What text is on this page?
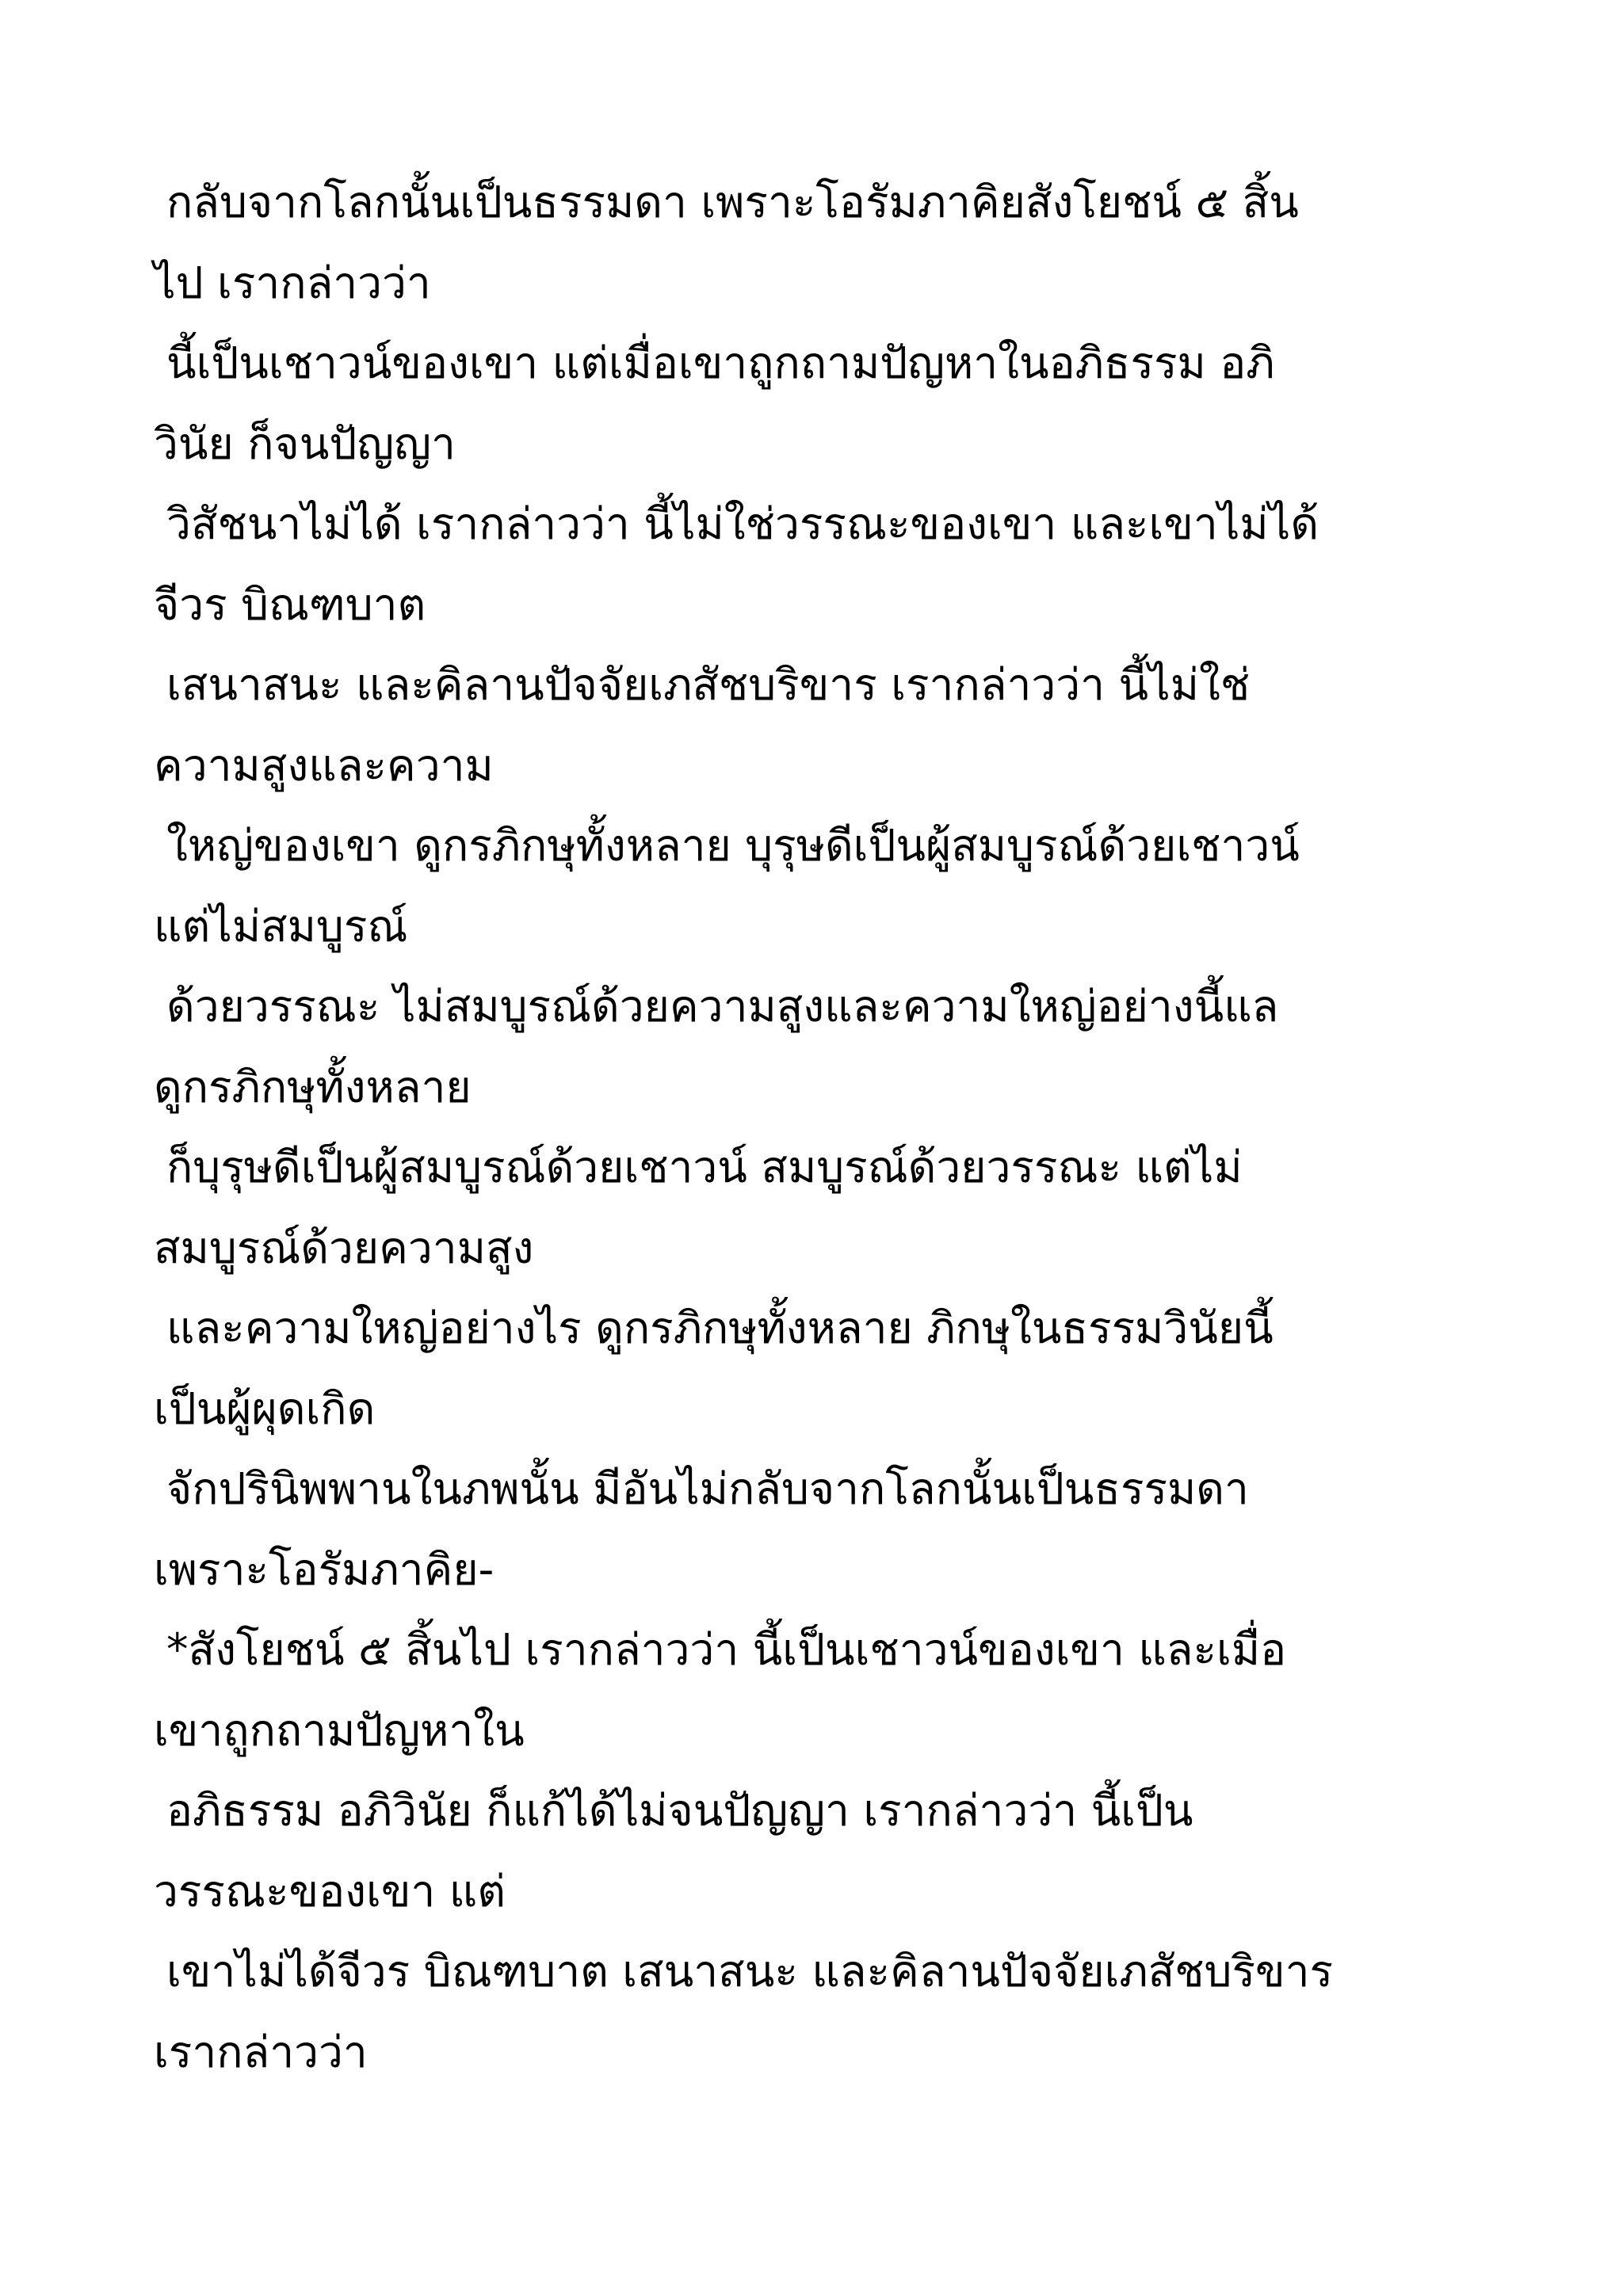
กลับจากโลกนั้นเป็นธรรมดา เพราะโอรัมภาคิยสังโยชน์ ๕ สิ้น
ไป เรากล่าวว่า
นี้เป็นเชาวน์ของเขา แต่เมื่อเขาถูกถามปัญหาในอภิธรรม อภิ
วินัย ก็จนปัญญา
วิสัชนาไม่ได้ เรากล่าวว่า นี้ไม่ใช่วรรณะของเขา และเขาไม่ได้
จีวร บิณฑบาต
เสนาสนะ และคิลานปัจจัยเภสัชบริขาร เรากล่าวว่า นี้ไม่ใช่
ความสูงและความ
ใหญ่ของเขา ดูกรภิกษุทั้งหลาย บุรุษดีเป็นผู้สมบูรณ์ด้วยเชาวน์
แต่ไม่สมบูรณ์
ด้วยวรรณะ ไม่สมบูรณ์ด้วยความสูงและความใหญ่อย่างนี้แล
ดูกรภิกษุทั้งหลาย
ก็บุรุษดีเป็นผู้สมบูรณ์ด้วยเชาวน์ สมบูรณ์ด้วยวรรณะ แต่ไม่
สมบูรณ์ด้วยความสูง
และความใหญ่อย่างไร ดูกรภิกษุทั้งหลาย ภิกษุในธรรมวินัยนี้
เป็นผู้ผุดเกิด
จักปรินิพพานในภพนั้น มีอันไม่กลับจากโลกนั้นเป็นธรรมดา
เพราะโอรัมภาคิย-
*สังโยชน์ ๕ สิ้นไป เรากล่าวว่า นี้เป็นเชาวน์ของเขา และเมื่อ
เขาถูกถามปัญหาใน
อภิธรรม อภิวินัย ก็แก้ได้ไม่จนปัญญา เรากล่าวว่า นี้เป็น
วรรณะของเขา แต่
เขาไม่ได้จีวร บิณฑบาต เสนาสนะ และคิลานปัจจัยเภสัชบริขาร
เรากล่าวว่า
